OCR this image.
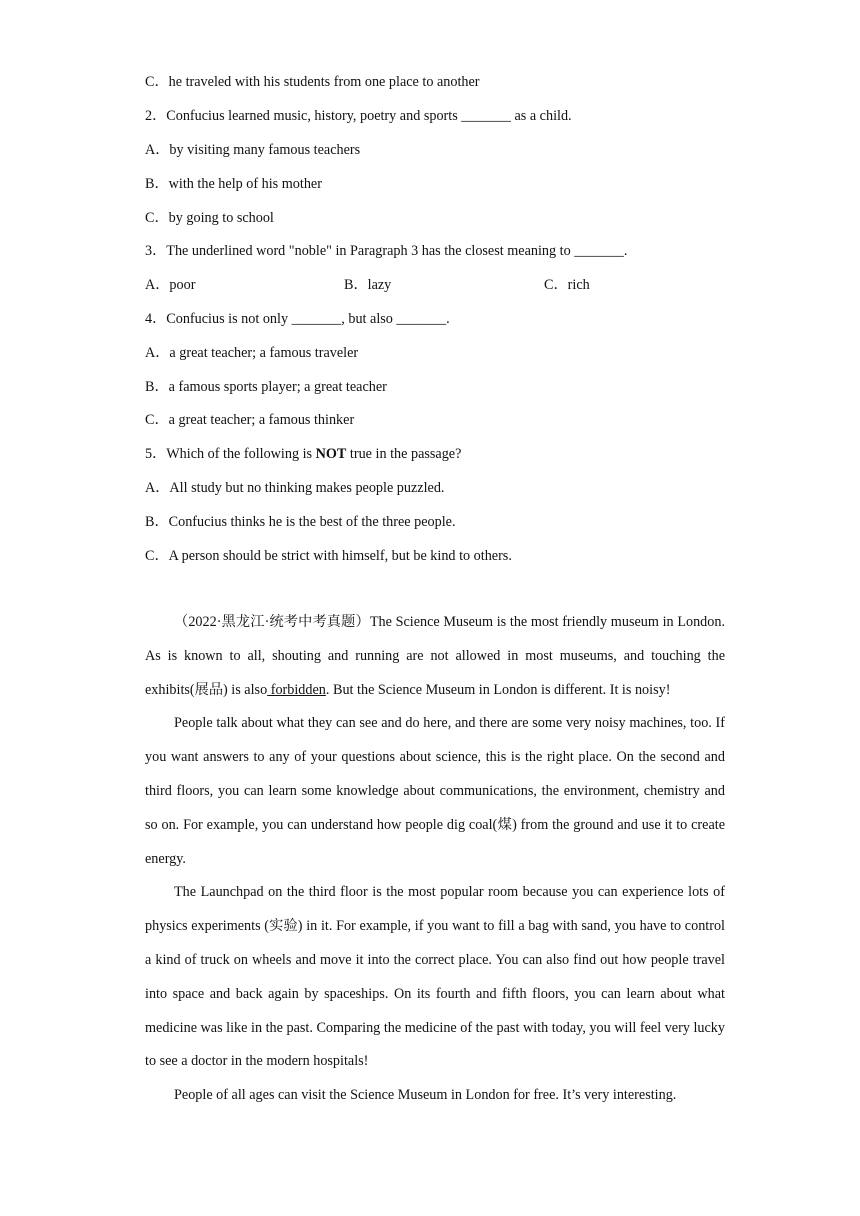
C．he traveled with his students from one place to another
2．Confucius learned music, history, poetry and sports _______ as a child.
A．by visiting many famous teachers
B．with the help of his mother
C．by going to school
3．The underlined word "noble" in Paragraph 3 has the closest meaning to _______.
A．poor	B．lazy	C．rich
4．Confucius is not only _______, but also _______.
A．a great teacher; a famous traveler
B．a famous sports player; a great teacher
C．a great teacher; a famous thinker
5．Which of the following is NOT true in the passage?
A．All study but no thinking makes people puzzled.
B．Confucius thinks he is the best of the three people.
C．A person should be strict with himself, but be kind to others.

（2022·黑龙江·统考中考真题）The Science Museum is the most friendly museum in London. As is known to all, shouting and running are not allowed in most museums, and touching the exhibits(展品) is also forbidden. But the Science Museum in London is different. It is noisy!

People talk about what they can see and do here, and there are some very noisy machines, too. If you want answers to any of your questions about science, this is the right place. On the second and third floors, you can learn some knowledge about communications, the environment, chemistry and so on. For example, you can understand how people dig coal(煤) from the ground and use it to create energy.

The Launchpad on the third floor is the most popular room because you can experience lots of physics experiments (实验) in it. For example, if you want to fill a bag with sand, you have to control a kind of truck on wheels and move it into the correct place. You can also find out how people travel into space and back again by spaceships. On its fourth and fifth floors, you can learn about what medicine was like in the past. Comparing the medicine of the past with today, you will feel very lucky to see a doctor in the modern hospitals!

People of all ages can visit the Science Museum in London for free. It’s very interesting.
